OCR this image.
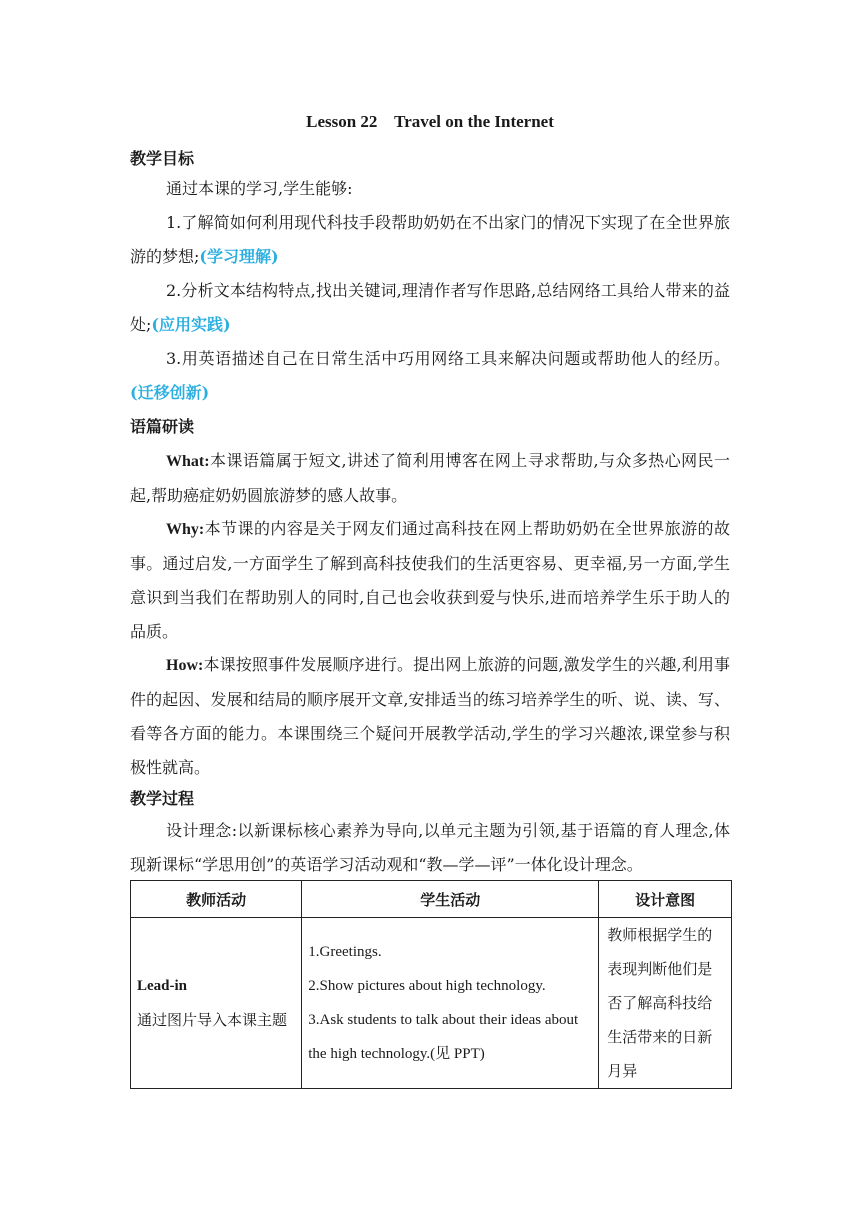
Lesson 22    Travel on the Internet
教学目标
通过本课的学习,学生能够:
1.了解简如何利用现代科技手段帮助奶奶在不出家门的情况下实现了在全世界旅游的梦想;(学习理解)
2.分析文本结构特点,找出关键词,理清作者写作思路,总结网络工具给人带来的益处;(应用实践)
3.用英语描述自己在日常生活中巧用网络工具来解决问题或帮助他人的经历。(迁移创新)
语篇研读
What:本课语篇属于短文,讲述了简利用博客在网上寻求帮助,与众多热心网民一起,帮助癌症奶奶圆旅游梦的感人故事。
Why:本节课的内容是关于网友们通过高科技在网上帮助奶奶在全世界旅游的故事。通过启发,一方面学生了解到高科技使我们的生活更容易、更幸福,另一方面,学生意识到当我们在帮助别人的同时,自己也会收获到爱与快乐,进而培养学生乐于助人的品质。
How:本课按照事件发展顺序进行。提出网上旅游的问题,激发学生的兴趣,利用事件的起因、发展和结局的顺序展开文章,安排适当的练习培养学生的听、说、读、写、看等各方面的能力。本课围绕三个疑问开展教学活动,学生的学习兴趣浓,课堂参与积极性就高。
教学过程
设计理念:以新课标核心素养为导向,以单元主题为引领,基于语篇的育人理念,体现新课标“学思用创”的英语学习活动观和“教—学—评”一体化设计理念。
教师活动	学生活动	设计意图

Lead-in
通过图片导入本课主题	1.Greetings.
2.Show pictures about high technology.
3.Ask students to talk about their ideas about the high technology.(见 PPT)	教师根据学生的表现判断他们是否了解高科技给生活带来的日新月异
